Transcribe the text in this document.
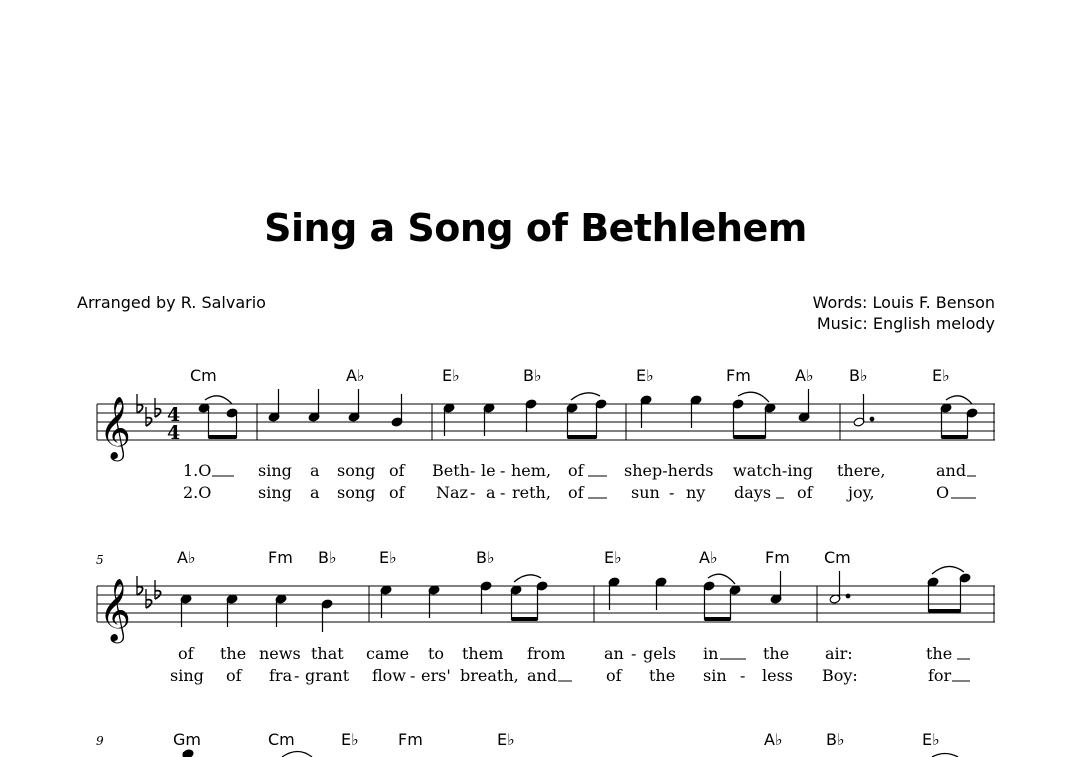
Sing a Song of Bethlehem
Arranged by R. Salvario	Words: Louis F. Benson
Music: English melody
𝄞 4
4
Cm	A♭	E♭	B♭	E♭	Fm	A♭ B♭	E♭
1.O	sing a song of Beth - le - hem, of	shep-herds watch-ing there,	and
2.O	sing a song of Naz - a - reth, of	sun - ny days of joy,	O
5
𝄞
A♭	Fm B♭	E♭	B♭	E♭	A♭	Fm Cm
of the news that came to them from an - gels in	the air:	the
sing of fra - grant flow - ers' breath, and	of the sin - less Boy:	for
9	Gm	Cm	E♭ Fm	E♭	A♭	B♭	E♭
